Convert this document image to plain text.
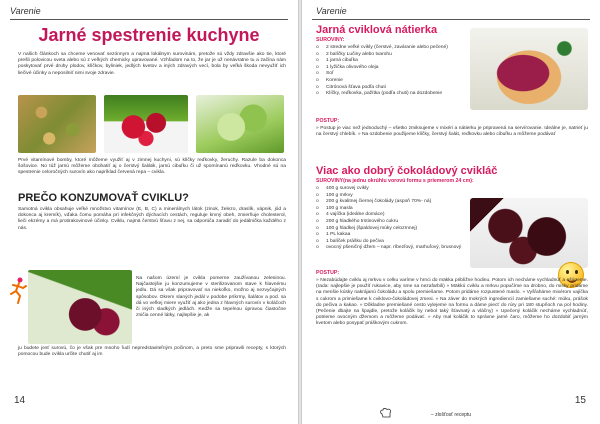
Varenie
Jarné spestrenie kuchyne

V našich článkoch sa chceme venovať sezónnym a najmä lokálnym surovinám, pretože sú vždy zdravšie ako tie, ktoré prešli polovicou sveta alebo sú z veľkých chemicky upravované. Vzhľadom na to, že jar je už nenávratne tu a začína nám poskytovať prvé druhy plodov, klíčkov, byliniek, jedlých kvetov a iných zdravých vecí, bola by veľká škoda nevyužiť ich liečivé účinky a neposilniť nimi svoje zdravie.

Prvé vitamínové bomby, ktoré môžeme využiť aj v zimnej kuchyni, sú klíčky reďkovky, žeruchy. Razule ba dokonca šošovice. No túž jarnú môžeme obohatiť aj o čerstvý šalátik, jarnú cibuľku či už spomínanú reďkovku. Vhodné sú na spestrenie celoročných surovín ako napríklad červená repa – cvikla.

PREČO KONZUMOVAŤ CVIKLU?

Samotná cvikla obsahuje veľké množstvo vitamínov (E, B, C) a minerálnych látok (zinok, železo, draslík, vápnik, jód a dokonca aj kremík), vďaka čomu pomáha pri infekčných dýchacích cestách, reguluje krvný obeh, zmierňuje cholesterol, lieči ekzémy a má protirakovinové účinky. Cviklu, najmä čerstvú šťavu z nej, sa odporúča zaradiť do jedálnička každého z nás.

Na našom území je cvikla pomerne zaužívanou zeleninou. Najčastejšie ju konzumujeme v sterilizovanom stave k hlavnému jedlu. Dá sa však pripravovať na niekoľko, možno aj nezvyčajných spôsobov. Okrem slaných jedál v podobe príkrmy, šalátov a pod. sa dá vo veľkej miere využiť aj ako jedna z hlavných surovín v koláčoch či iných sladkých jedlách. Kedže sa tepelnou úpravou čiastočne zničia cenné látky, najlepšie je, ak

ju budete jesť surovú, čo je však pre mnoho ľudí nepredstaviteľným počinom, a preto sme pripravili recepty, s ktorých pomocou bude cvikla určite chutiť aj im

14
Varenie
Jarná cviklová nátierka
SUROVINY:
o 2 stredne veľké cvikly (čerstvé, zaváranie alebo pečené)
o 2 balíčky Lučiny alebo tvarohu
o 1 jarná cibuľka
o 1 lyžička olivového oleja
o Soľ
o Korenie
o Citrónová šťava podľa chuti
o Klíčky, reďkovka, pažítka (podľa chuti) na dozdobenie
POSTUP:

» Postup je viac než jednoduchý – všetko zmiksujeme v mixéri a nátierku je pripravená na servírovanie. Ideálne je, natrieť ju na čerstvý chlebík. » Na ozdobenie použijeme klíčky, čerstvý šalát, reďkovku alebo cibuľku a môžeme podávať

Viac ako dobrý čokoládový cvikláč
SUROVINY(na jednu okrúhlu vorovú formu s priemerom 24 cm):
o 400 g surovej cvikly
o 100 g mrkvy
o 200 g kvalitnej čiernej čokolády (aspoň 70%- ná)
o 100 g masla
o 4 vajíčka (ideálne domáce)
o 200 g hladkého trstinového cukru
o 100 g hladkej (špaldovej múky celozrnnej)
o 1 PL kakaa
o 1 balíček prášku do pečiva
o ovocný pšeničný džem – napr. ríbezľový, marhuľový, brusnový
POSTUP:

» Nezabúdajte cviklu aj mrkvu v celku varíme v hrnci do mäkka približne hodinu. Potom ich necháme vychladnúť a ošúpeme. (rada: najlepšie je použiť rukavice, aby sme sa nezafarbili) » Mäkkú cviklu a mrkvu popučíme na drobno, do misky pridáme na menšie kúsky nakrájanú čokoládu a spolu premiešame. Potom pridáme rozpustené maslo. » Vyšľaháme mixérom vajíčka s cukrom a primiešame k cviklovo-čokoládovej zmesi. » Na záver do mokrých ingrediencií zamiešame suché: múku, prášok do pečiva a kakao. » Dôkladne premiešané cesto vylejeme na formu a dáme piecť do rúry pri 180 stupňoch na pol hodiny. (Pečenie dbajte na špajdle, pretože koláčik by nebol taký šťavnatý a vláčny) » Upečený koláčik necháme vychladnúť, potrieme ovocným džemom a môžeme podávať. » Aby mal koláčik to správne jarné čaro, môžeme ho dozdobiť jarným kvetom alebo posypať práškovým cukrom.

– zlošťosť receptu
15
